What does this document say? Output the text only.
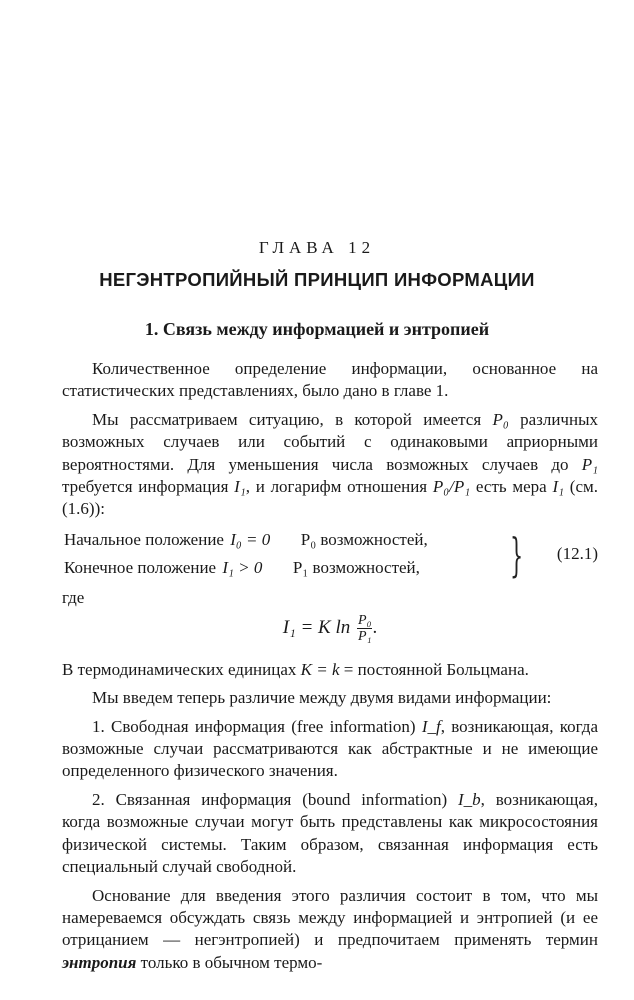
ГЛАВА 12
НЕГЭНТРОПИЙНЫЙ ПРИНЦИП ИНФОРМАЦИИ
1. Связь между информацией и энтропией

Количественное определение информации, основанное на статистических представлениях, было дано в главе 1.

Мы рассматриваем ситуацию, в которой имеется P₀ различных возможных случаев или событий с одинаковыми априорными вероятностями. Для уменьшения числа возможных случаев до P₁ требуется информация I₁, и логарифм отношения P₀/P₁ есть мера I₁ (см. (1.6)):

Начальное положение I₀ = 0 P₀ возможностей,
Конечное положение I₁ > 0 P₁ возможностей, } (12.1)

где

I₁ = K $\ln \frac{\text{P₀}}{\text{P₁}}$ .

В термодинамических единицах K = k = постоянной Больцмана.

Мы введем теперь различие между двумя видами информации:

1. Свободная информация (free information) I_f, возникающая, когда возможные случаи рассматриваются как абстрактные и не имеющие определенного физического значения.

2. Связанная информация (bound information) I_b, возникающая, когда возможные случаи могут быть представлены как микросостояния физической системы. Таким образом, связанная информация есть специальный случай свободной.

Основание для введения этого различия состоит в том, что мы намереваемся обсуждать связь между информацией и энтропией (и ее отрицанием — негэнтропией) и предпочитаем применять термин энтропия только в обычном термо-
